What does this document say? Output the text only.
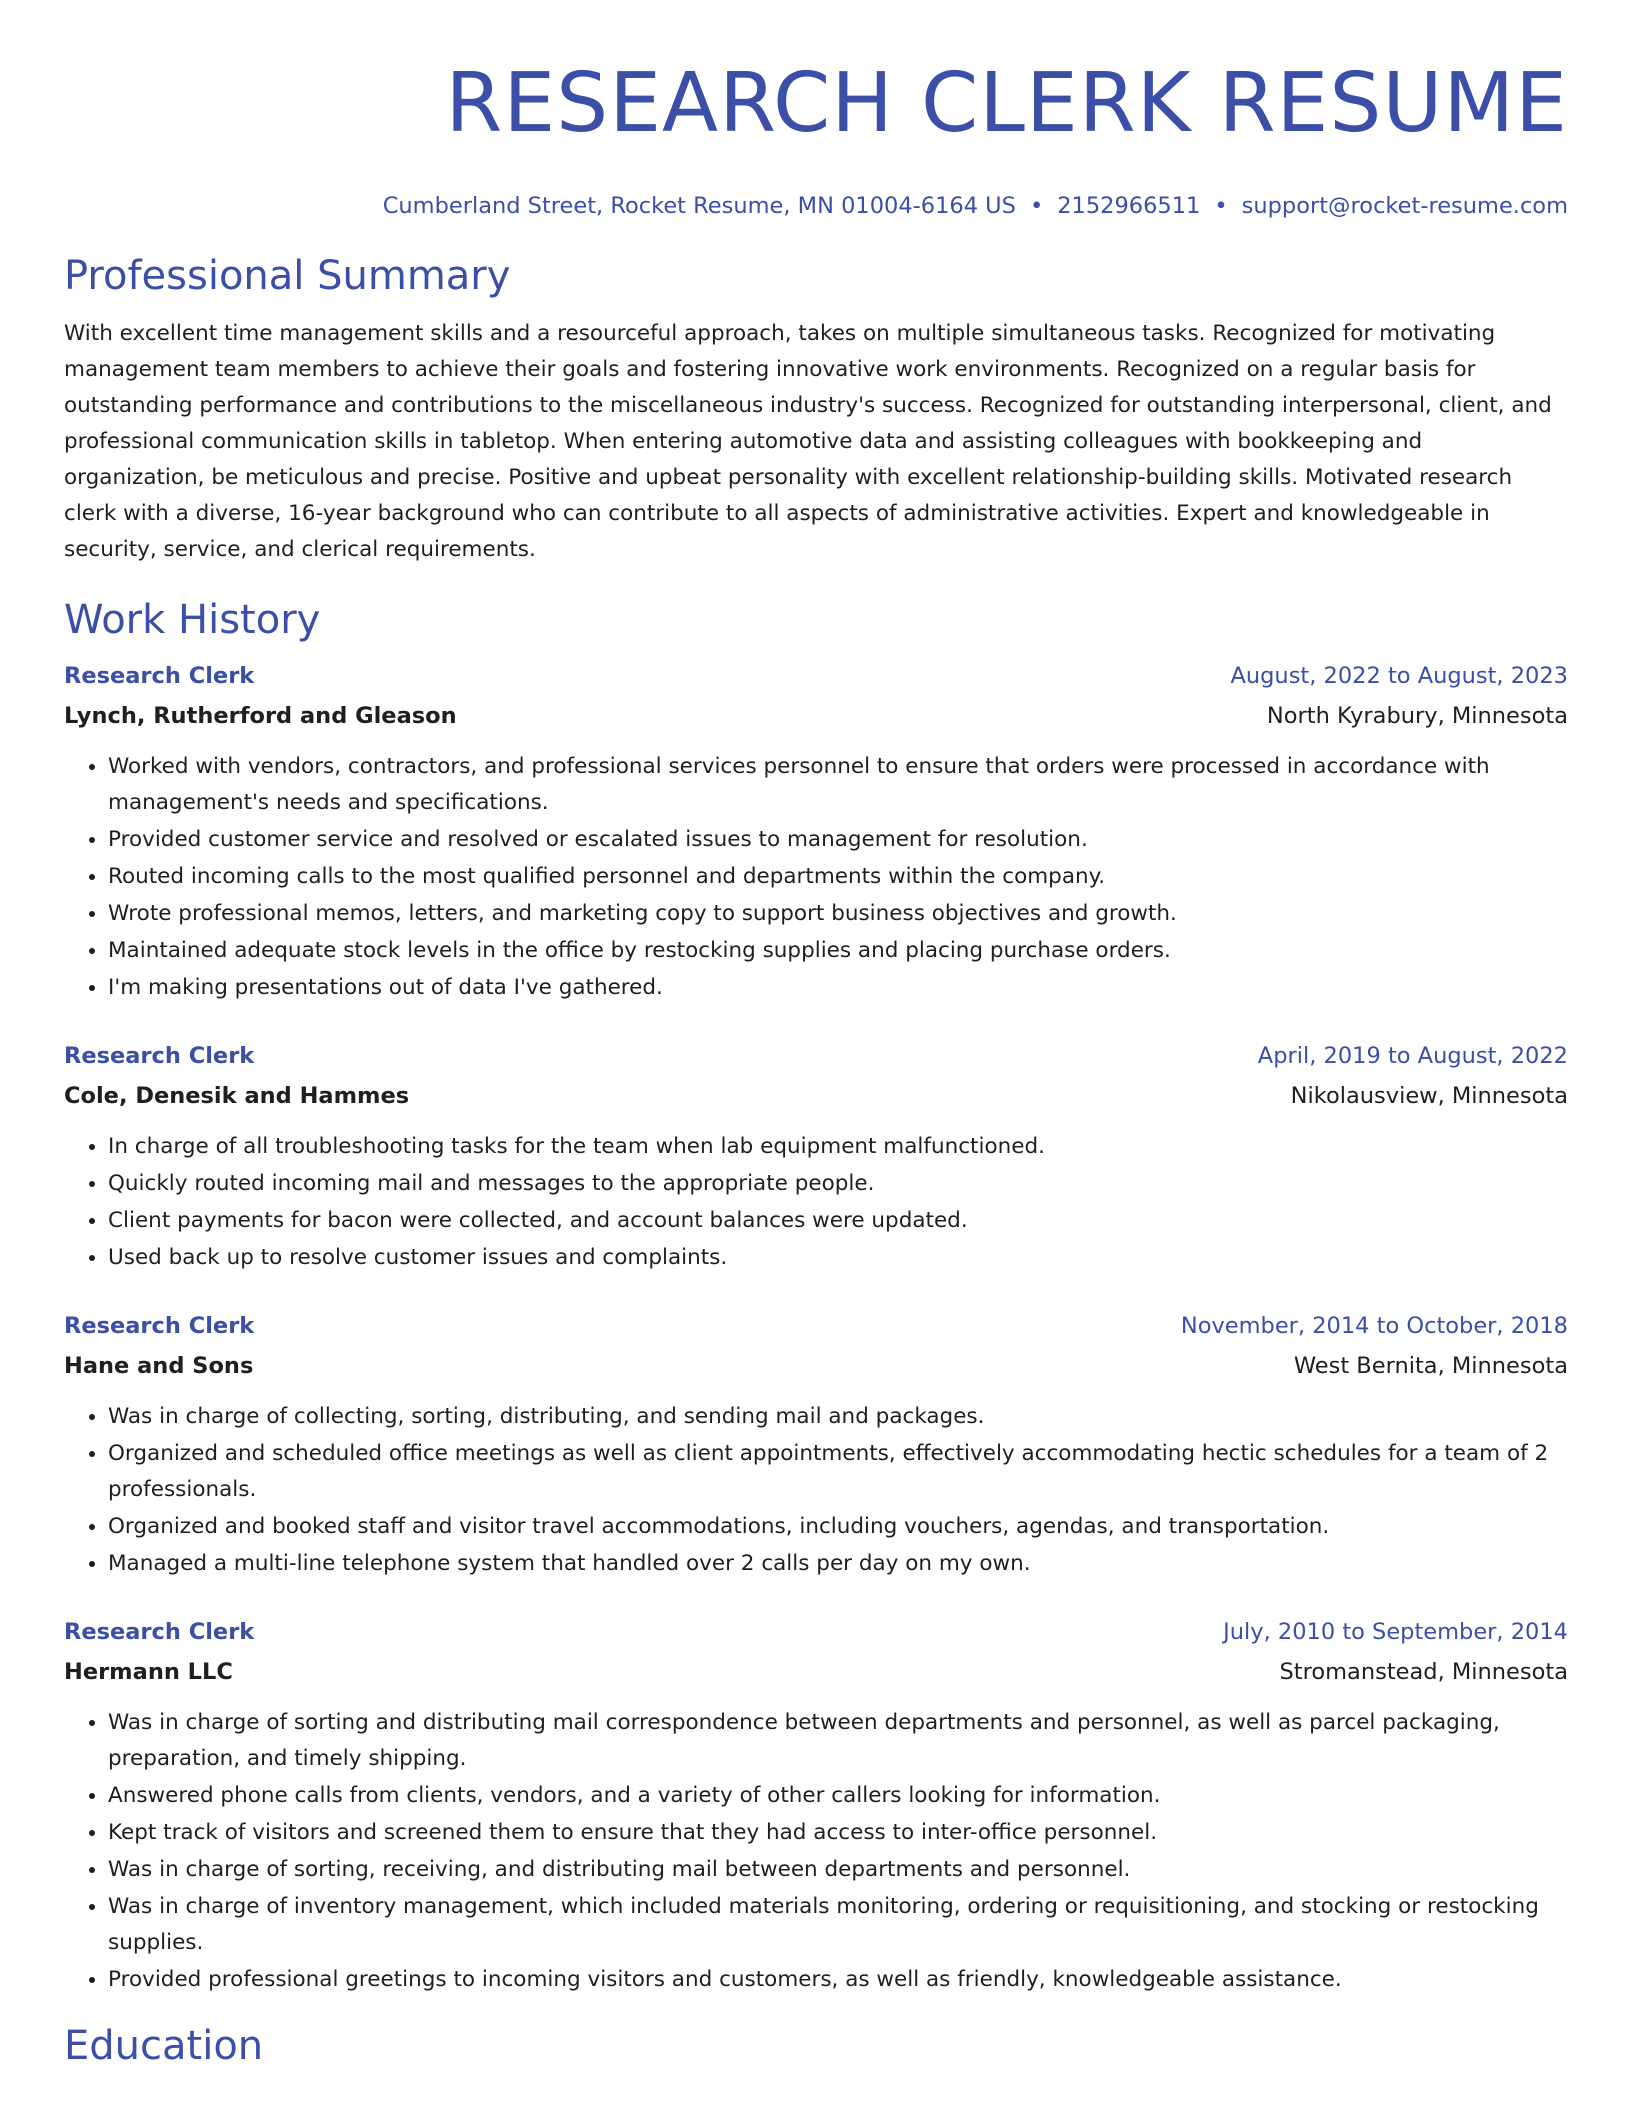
RESEARCH CLERK RESUME
Cumberland Street, Rocket Resume, MN 01004-6164 US • 2152966511 • support@rocket-resume.com
Professional Summary

With excellent time management skills and a resourceful approach, takes on multiple simultaneous tasks. Recognized for motivating management team members to achieve their goals and fostering innovative work environments. Recognized on a regular basis for outstanding performance and contributions to the miscellaneous industry's success. Recognized for outstanding interpersonal, client, and professional communication skills in tabletop. When entering automotive data and assisting colleagues with bookkeeping and organization, be meticulous and precise. Positive and upbeat personality with excellent relationship-building skills. Motivated research clerk with a diverse, 16-year background who can contribute to all aspects of administrative activities. Expert and knowledgeable in security, service, and clerical requirements.

Work History
Research Clerk	August, 2022 to August, 2023
Lynch, Rutherford and Gleason	North Kyrabury, Minnesota
• Worked with vendors, contractors, and professional services personnel to ensure that orders were processed in accordance with management's needs and specifications.
• Provided customer service and resolved or escalated issues to management for resolution.
• Routed incoming calls to the most qualified personnel and departments within the company.
• Wrote professional memos, letters, and marketing copy to support business objectives and growth.
• Maintained adequate stock levels in the office by restocking supplies and placing purchase orders.
• I'm making presentations out of data I've gathered.
Research Clerk	April, 2019 to August, 2022
Cole, Denesik and Hammes	Nikolausview, Minnesota
• In charge of all troubleshooting tasks for the team when lab equipment malfunctioned.
• Quickly routed incoming mail and messages to the appropriate people.
• Client payments for bacon were collected, and account balances were updated.
• Used back up to resolve customer issues and complaints.
Research Clerk	November, 2014 to October, 2018
Hane and Sons	West Bernita, Minnesota
• Was in charge of collecting, sorting, distributing, and sending mail and packages.
• Organized and scheduled office meetings as well as client appointments, effectively accommodating hectic schedules for a team of 2 professionals.
• Organized and booked staff and visitor travel accommodations, including vouchers, agendas, and transportation.
• Managed a multi-line telephone system that handled over 2 calls per day on my own.
Research Clerk	July, 2010 to September, 2014
Hermann LLC	Stromanstead, Minnesota
• Was in charge of sorting and distributing mail correspondence between departments and personnel, as well as parcel packaging, preparation, and timely shipping.
• Answered phone calls from clients, vendors, and a variety of other callers looking for information.
• Kept track of visitors and screened them to ensure that they had access to inter-office personnel.
• Was in charge of sorting, receiving, and distributing mail between departments and personnel.
• Was in charge of inventory management, which included materials monitoring, ordering or requisitioning, and stocking or restocking supplies.
• Provided professional greetings to incoming visitors and customers, as well as friendly, knowledgeable assistance.
Education
